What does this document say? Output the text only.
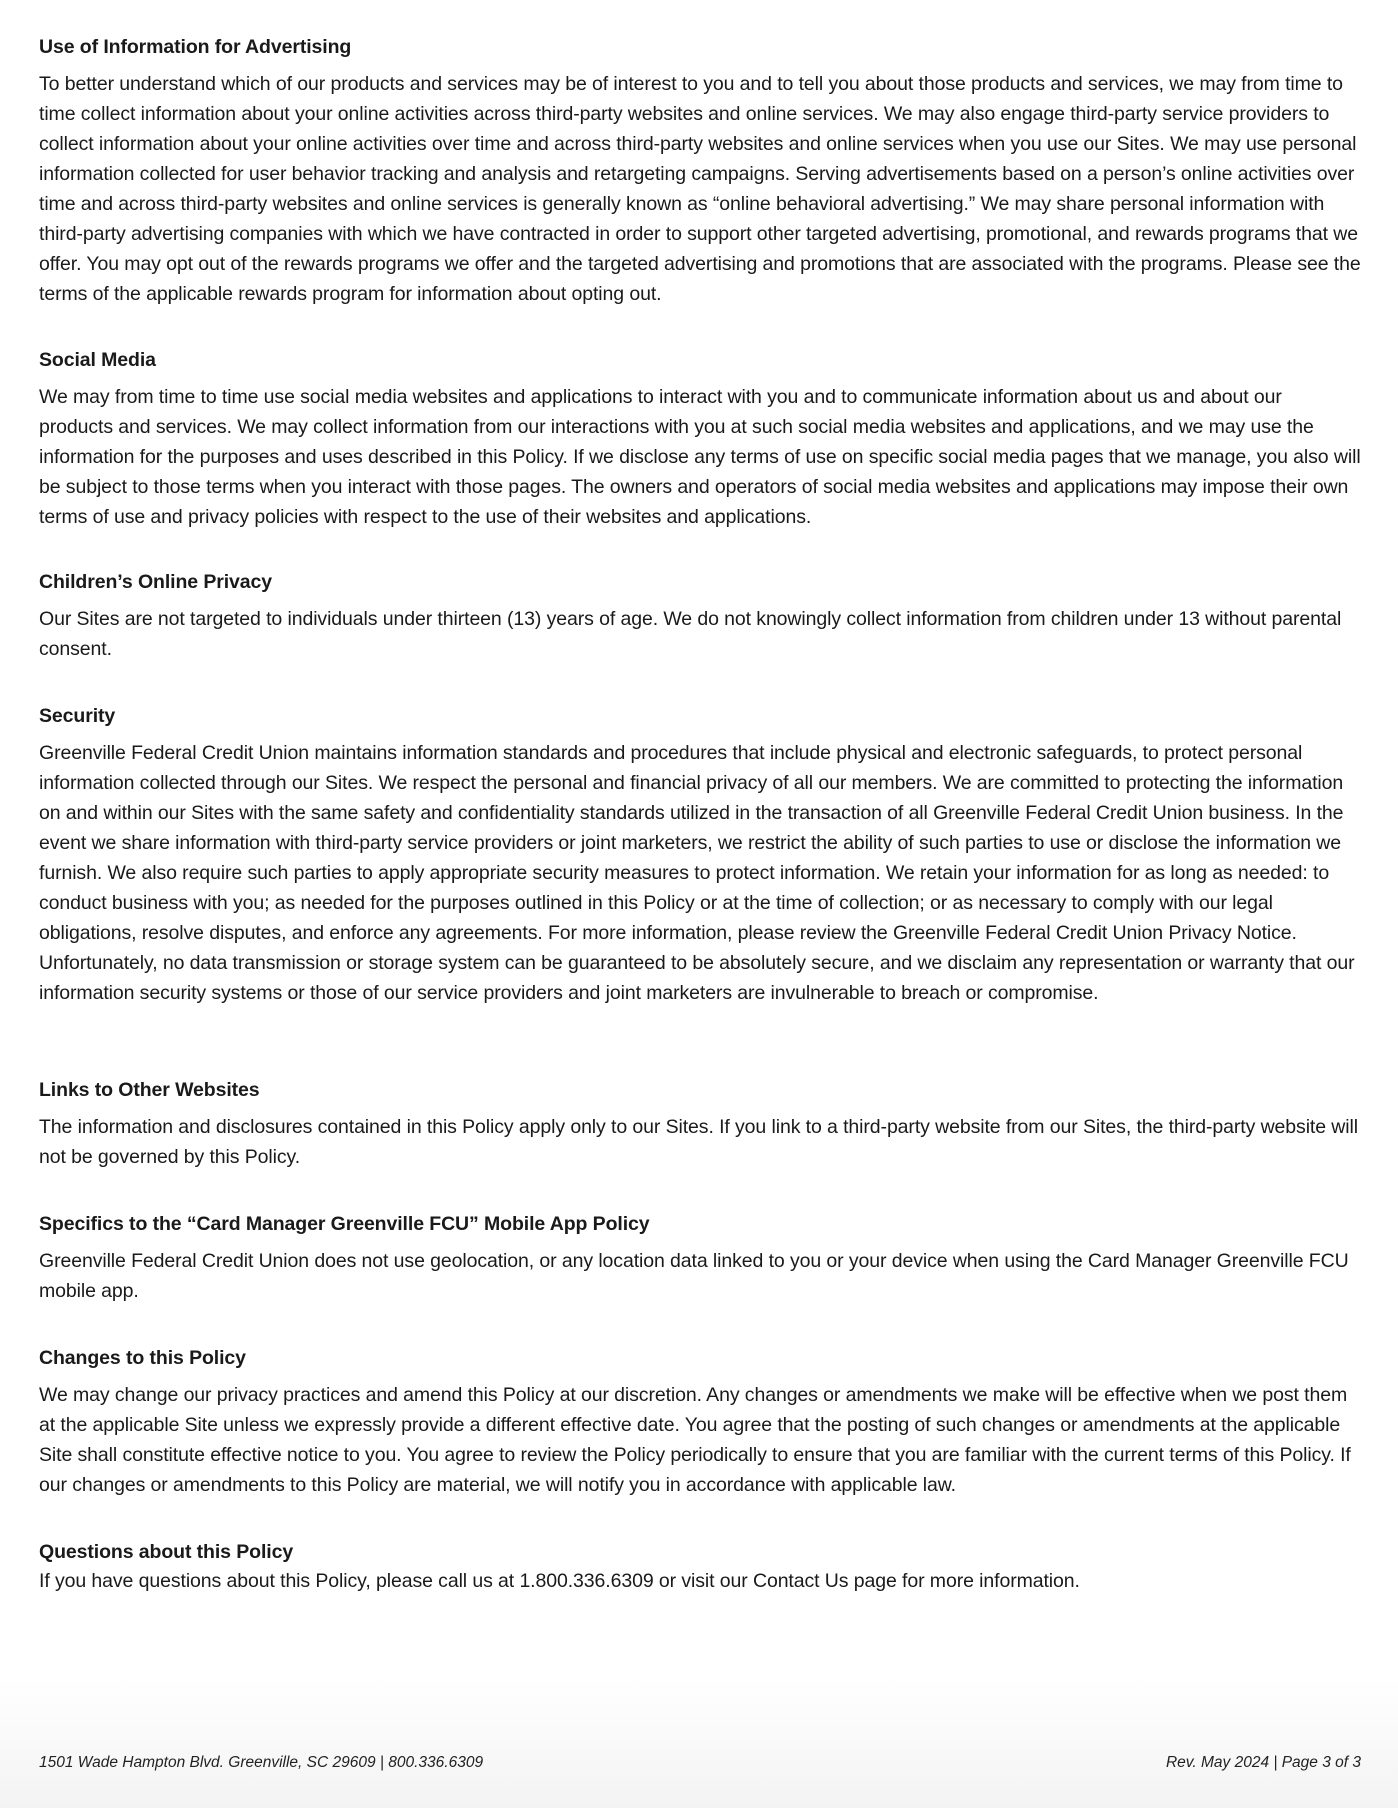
Use of Information for Advertising

To better understand which of our products and services may be of interest to you and to tell you about those products and services, we may from time to time collect information about your online activities across third-party websites and online services. We may also engage third-party service providers to collect information about your online activities over time and across third-party websites and online services when you use our Sites. We may use personal information collected for user behavior tracking and analysis and retargeting campaigns. Serving advertisements based on a person’s online activities over time and across third-party websites and online services is generally known as “online behavioral advertising.” We may share personal information with third-party advertising companies with which we have contracted in order to support other targeted advertising, promotional, and rewards programs that we offer. You may opt out of the rewards programs we offer and the targeted advertising and promotions that are associated with the programs. Please see the terms of the applicable rewards program for information about opting out.

Social Media

We may from time to time use social media websites and applications to interact with you and to communicate information about us and about our products and services. We may collect information from our interactions with you at such social media websites and applications, and we may use the information for the purposes and uses described in this Policy. If we disclose any terms of use on specific social media pages that we manage, you also will be subject to those terms when you interact with those pages. The owners and operators of social media websites and applications may impose their own terms of use and privacy policies with respect to the use of their websites and applications.

Children’s Online Privacy

Our Sites are not targeted to individuals under thirteen (13) years of age. We do not knowingly collect information from children under 13 without parental consent.

Security

Greenville Federal Credit Union maintains information standards and procedures that include physical and electronic safeguards, to protect personal information collected through our Sites. We respect the personal and financial privacy of all our members. We are committed to protecting the information on and within our Sites with the same safety and confidentiality standards utilized in the transaction of all Greenville Federal Credit Union business. In the event we share information with third-party service providers or joint marketers, we restrict the ability of such parties to use or disclose the information we furnish. We also require such parties to apply appropriate security measures to protect information. We retain your information for as long as needed: to conduct business with you; as needed for the purposes outlined in this Policy or at the time of collection; or as necessary to comply with our legal obligations, resolve disputes, and enforce any agreements. For more information, please review the Greenville Federal Credit Union Privacy Notice. Unfortunately, no data transmission or storage system can be guaranteed to be absolutely secure, and we disclaim any representation or warranty that our information security systems or those of our service providers and joint marketers are invulnerable to breach or compromise.

Links to Other Websites

The information and disclosures contained in this Policy apply only to our Sites. If you link to a third-party website from our Sites, the third-party website will not be governed by this Policy.

Specifics to the “Card Manager Greenville FCU” Mobile App Policy

Greenville Federal Credit Union does not use geolocation, or any location data linked to you or your device when using the Card Manager Greenville FCU mobile app.

Changes to this Policy

We may change our privacy practices and amend this Policy at our discretion. Any changes or amendments we make will be effective when we post them at the applicable Site unless we expressly provide a different effective date. You agree that the posting of such changes or amendments at the applicable Site shall constitute effective notice to you. You agree to review the Policy periodically to ensure that you are familiar with the current terms of this Policy. If our changes or amendments to this Policy are material, we will notify you in accordance with applicable law.

Questions about this Policy

If you have questions about this Policy, please call us at 1.800.336.6309 or visit our Contact Us page for more information.

1501 Wade Hampton Blvd. Greenville, SC 29609 | 800.336.6309	Rev. May 2024 | Page 3 of 3
